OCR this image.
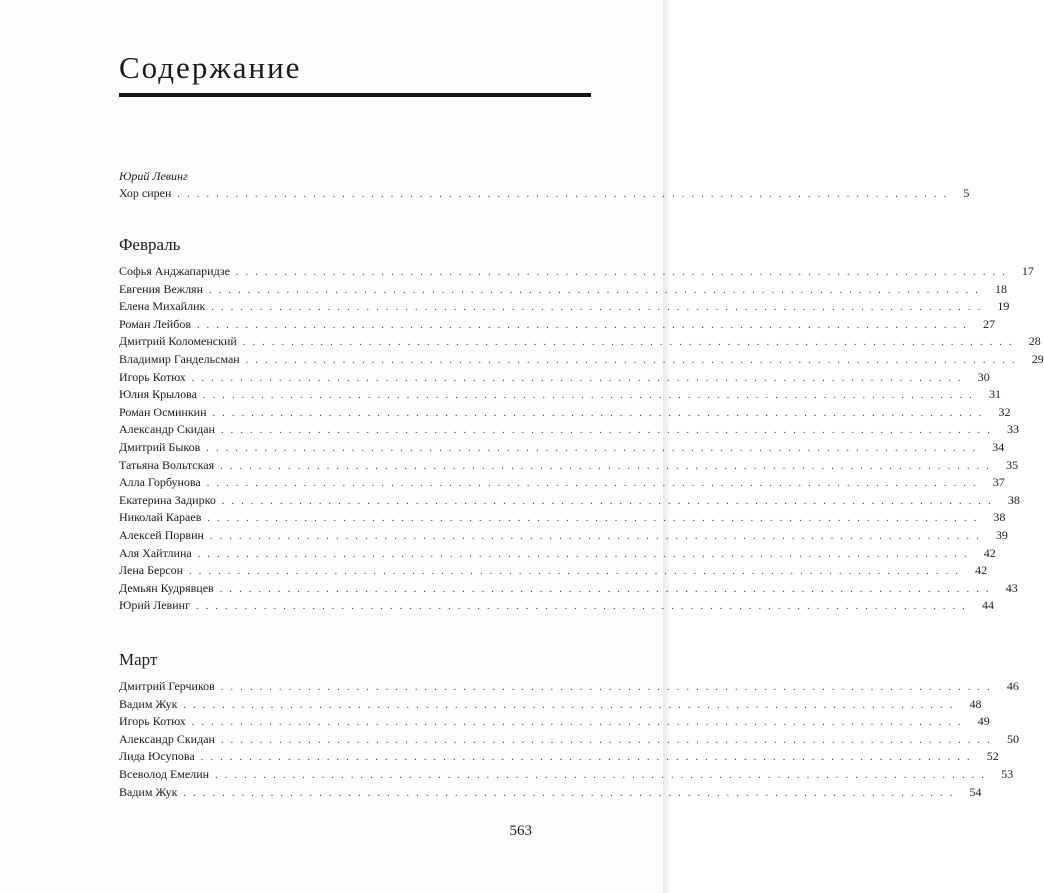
Содержание
Юрий Левинг
Хор сирен ................................................................................ 5
Февраль
Софья Анджапаридзе ................................................................................ 17
Евгения Вежлян ................................................................................ 18
Елена Михайлик ................................................................................ 19
Роман Лейбов ................................................................................ 27
Дмитрий Коломенский ................................................................................ 28
Владимир Гандельсман ................................................................................ 29
Игорь Котюх ................................................................................ 30
Юлия Крылова ................................................................................ 31
Роман Осминкин ................................................................................ 32
Александр Скидан ................................................................................ 33
Дмитрий Быков ................................................................................ 34
Татьяна Вольтская ................................................................................ 35
Алла Горбунова ................................................................................ 37
Екатерина Задирко ................................................................................ 38
Николай Караев ................................................................................ 38
Алексей Порвин ................................................................................ 39
Аля Хайтлина ................................................................................ 42
Лена Берсон ................................................................................ 42
Демьян Кудрявцев ................................................................................ 43
Юрий Левинг ................................................................................ 44
Март
Дмитрий Герчиков ................................................................................ 46
Вадим Жук ................................................................................ 48
Игорь Котюх ................................................................................ 49
Александр Скидан ................................................................................ 50
Лида Юсупова ................................................................................ 52
Всеволод Емелин ................................................................................ 53
Вадим Жук ................................................................................ 54
563
